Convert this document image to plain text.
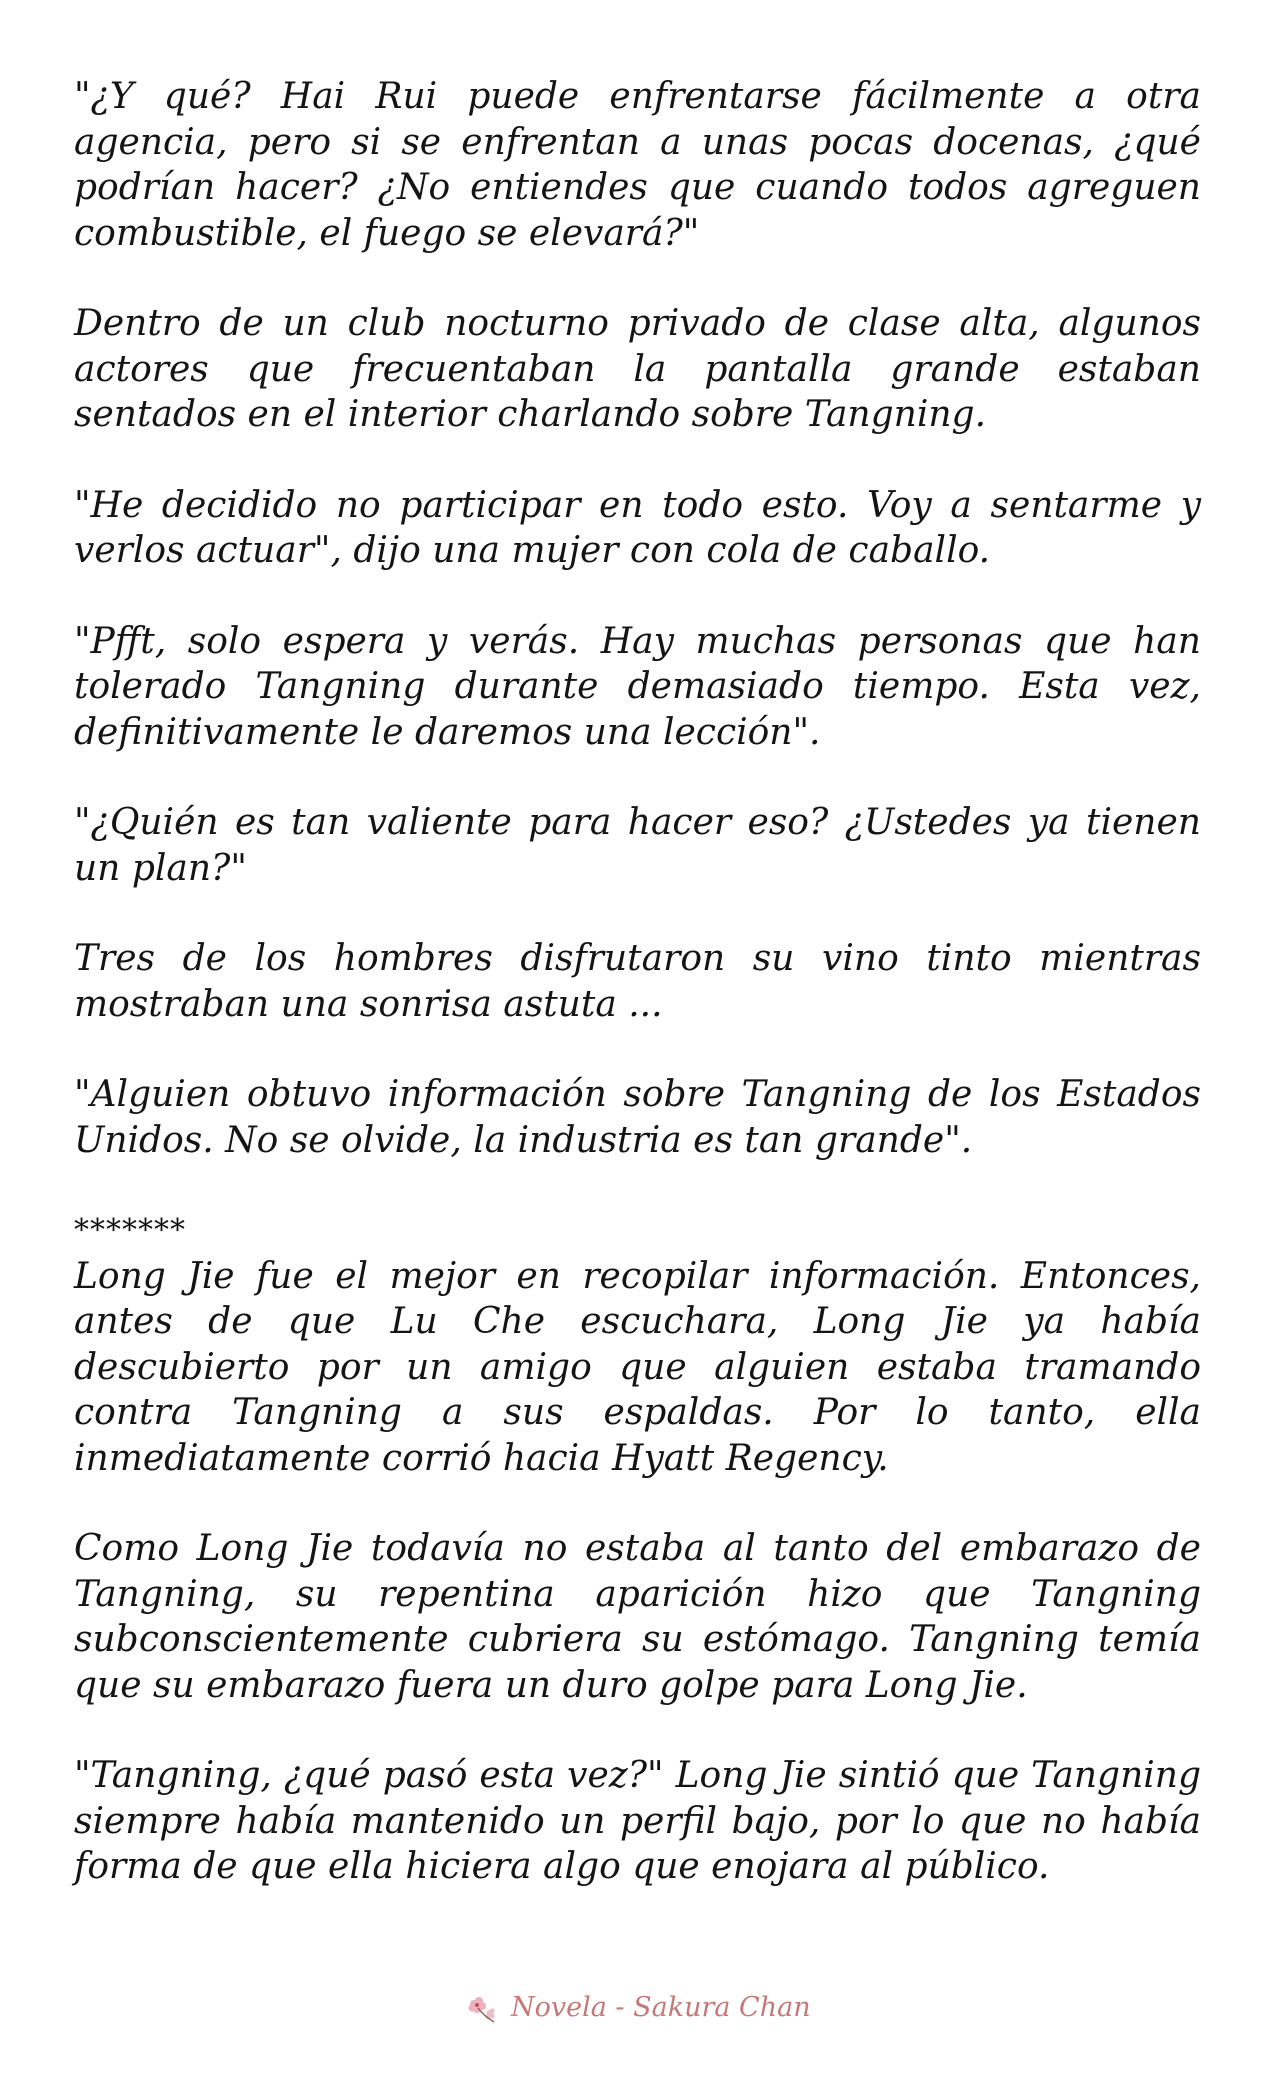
"¿Y qué? Hai Rui puede enfrentarse fácilmente a otra agencia, pero si se enfrentan a unas pocas docenas, ¿qué podrían hacer? ¿No entiendes que cuando todos agreguen combustible, el fuego se elevará?"

Dentro de un club nocturno privado de clase alta, algunos actores que frecuentaban la pantalla grande estaban sentados en el interior charlando sobre Tangning.

"He decidido no participar en todo esto. Voy a sentarme y verlos actuar", dijo una mujer con cola de caballo.

"Pfft, solo espera y verás. Hay muchas personas que han tolerado Tangning durante demasiado tiempo. Esta vez, definitivamente le daremos una lección".

"¿Quién es tan valiente para hacer eso? ¿Ustedes ya tienen un plan?"

Tres de los hombres disfrutaron su vino tinto mientras mostraban una sonrisa astuta ...

"Alguien obtuvo información sobre Tangning de los Estados Unidos. No se olvide, la industria es tan grande".

*******

Long Jie fue el mejor en recopilar información. Entonces, antes de que Lu Che escuchara, Long Jie ya había descubierto por un amigo que alguien estaba tramando contra Tangning a sus espaldas. Por lo tanto, ella inmediatamente corrió hacia Hyatt Regency.

Como Long Jie todavía no estaba al tanto del embarazo de Tangning, su repentina aparición hizo que Tangning subconscientemente cubriera su estómago. Tangning temía que su embarazo fuera un duro golpe para Long Jie.

"Tangning, ¿qué pasó esta vez?" Long Jie sintió que Tangning siempre había mantenido un perfil bajo, por lo que no había forma de que ella hiciera algo que enojara al público.

Novela - Sakura Chan
